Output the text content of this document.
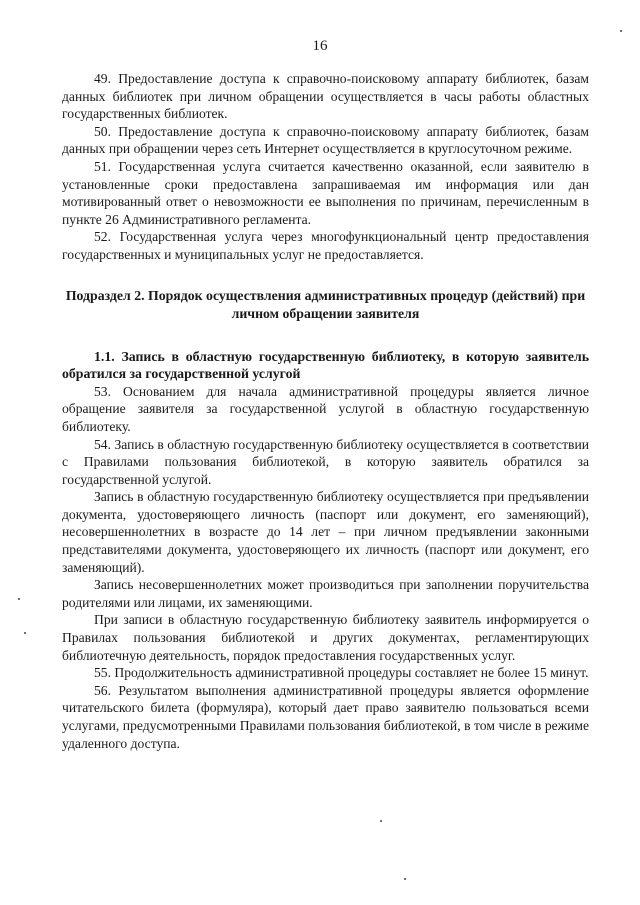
16

49. Предоставление доступа к справочно-поисковому аппарату библиотек, базам данных библиотек при личном обращении осуществляется в часы работы областных государственных библиотек.

50. Предоставление доступа к справочно-поисковому аппарату библиотек, базам данных при обращении через сеть Интернет осуществляется в круглосуточном режиме.

51. Государственная услуга считается качественно оказанной, если заявителю в установленные сроки предоставлена запрашиваемая им информация или дан мотивированный ответ о невозможности ее выполнения по причинам, перечисленным в пункте 26 Административного регламента.

52. Государственная услуга через многофункциональный центр предоставления государственных и муниципальных услуг не предоставляется.

Подраздел 2. Порядок осуществления административных процедур (действий) при личном обращении заявителя

1.1. Запись в областную государственную библиотеку, в которую заявитель обратился за государственной услугой

53. Основанием для начала административной процедуры является личное обращение заявителя за государственной услугой в областную государственную библиотеку.

54. Запись в областную государственную библиотеку осуществляется в соответствии с Правилами пользования библиотекой, в которую заявитель обратился за государственной услугой.

Запись в областную государственную библиотеку осуществляется при предъявлении документа, удостоверяющего личность (паспорт или документ, его заменяющий), несовершеннолетних в возрасте до 14 лет – при личном предъявлении законными представителями документа, удостоверяющего их личность (паспорт или документ, его заменяющий).

Запись несовершеннолетних может производиться при заполнении поручительства родителями или лицами, их заменяющими.

При записи в областную государственную библиотеку заявитель информируется о Правилах пользования библиотекой и других документах, регламентирующих библиотечную деятельность, порядок предоставления государственных услуг.

55. Продолжительность административной процедуры составляет не более 15 минут.

56. Результатом выполнения административной процедуры является оформление читательского билета (формуляра), который дает право заявителю пользоваться всеми услугами, предусмотренными Правилами пользования библиотекой, в том числе в режиме удаленного доступа.
